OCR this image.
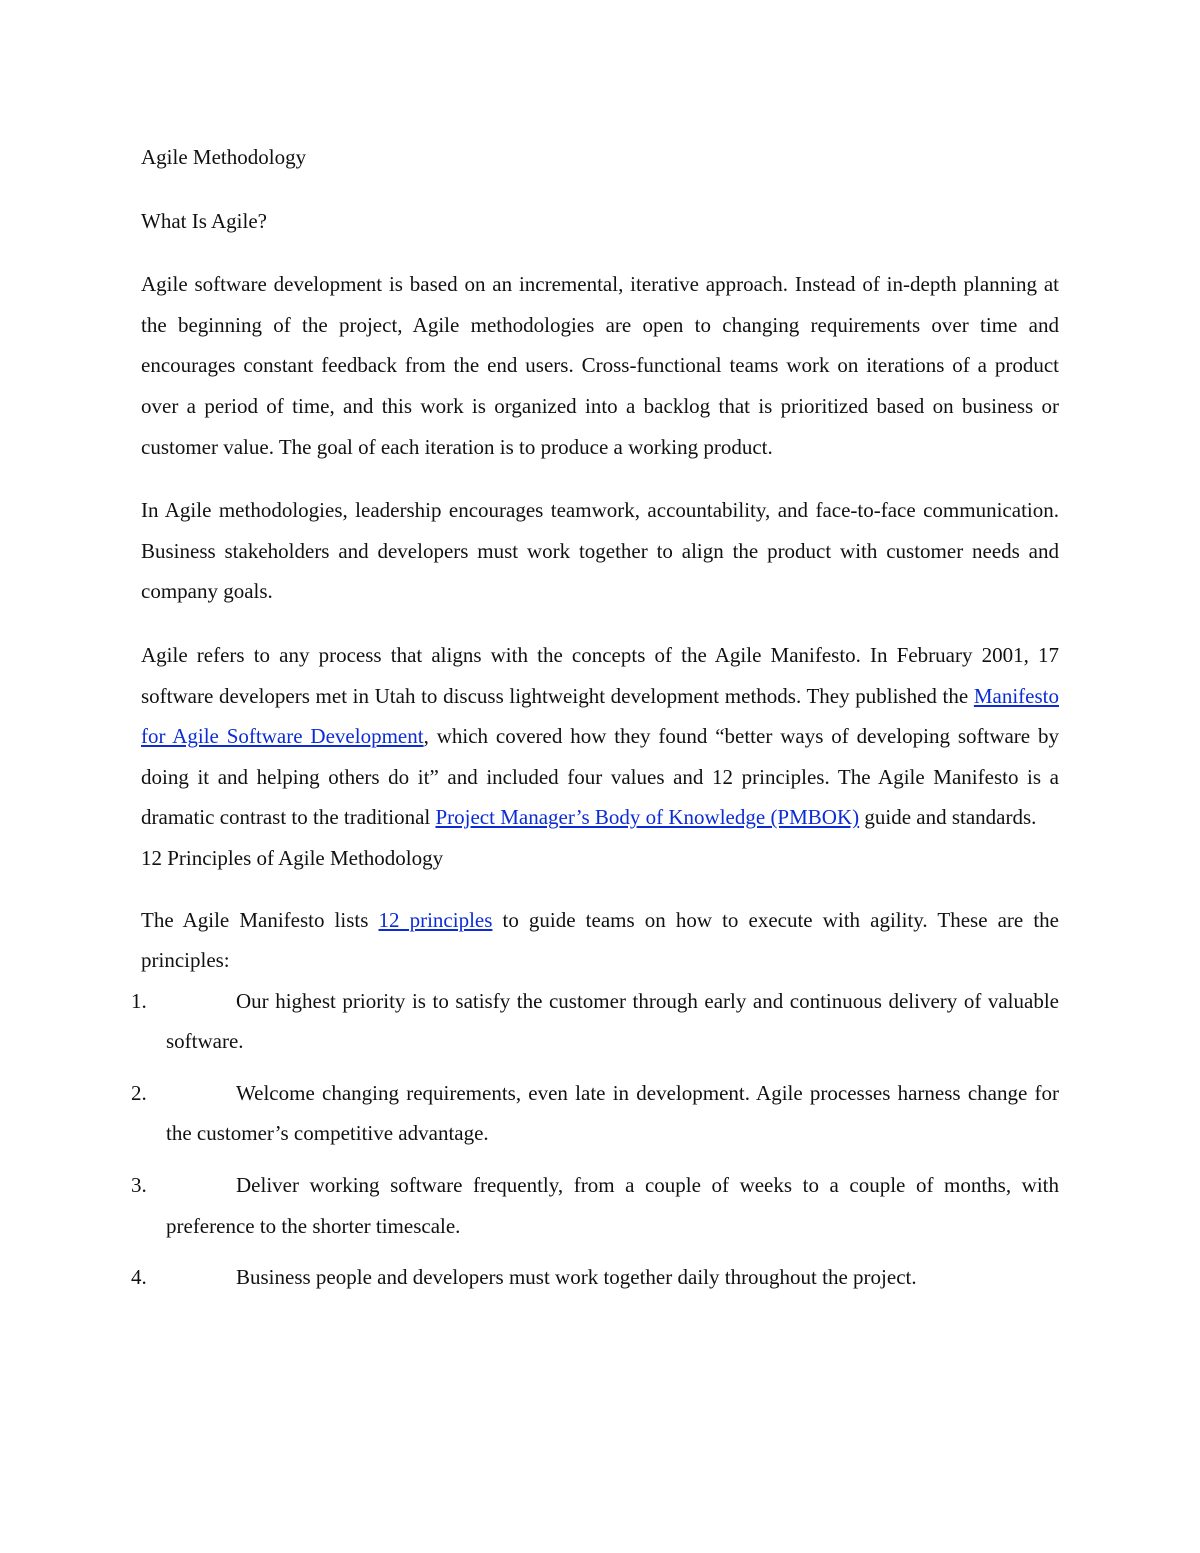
Agile Methodology

What Is Agile?

Agile software development is based on an incremental, iterative approach. Instead of in-depth planning at the beginning of the project, Agile methodologies are open to changing requirements over time and encourages constant feedback from the end users. Cross-functional teams work on iterations of a product over a period of time, and this work is organized into a backlog that is prioritized based on business or customer value. The goal of each iteration is to produce a working product.

In Agile methodologies, leadership encourages teamwork, accountability, and face-to-face communication. Business stakeholders and developers must work together to align the product with customer needs and company goals.

Agile refers to any process that aligns with the concepts of the Agile Manifesto. In February 2001, 17 software developers met in Utah to discuss lightweight development methods. They published the Manifesto for Agile Software Development, which covered how they found “better ways of developing software by doing it and helping others do it” and included four values and 12 principles. The Agile Manifesto is a dramatic contrast to the traditional Project Manager’s Body of Knowledge (PMBOK) guide and standards.

12 Principles of Agile Methodology

The Agile Manifesto lists 12 principles to guide teams on how to execute with agility. These are the principles:

1.	Our highest priority is to satisfy the customer through early and continuous delivery of valuable software.
2.	Welcome changing requirements, even late in development. Agile processes harness change for the customer’s competitive advantage.
3.	Deliver working software frequently, from a couple of weeks to a couple of months, with preference to the shorter timescale.
4.	Business people and developers must work together daily throughout the project.
